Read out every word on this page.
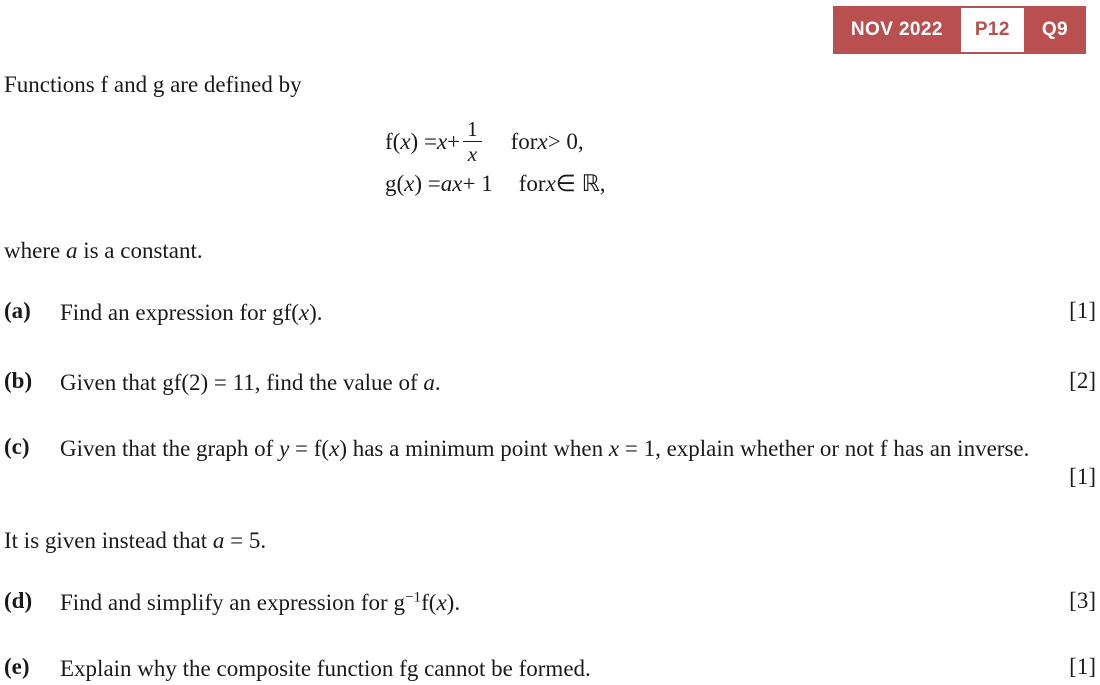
NOV 2022	P12	Q9
Functions f and g are defined by
f( x ) = $x + \frac{1}{x}$ for x > 0,
g( x ) = a x + 1 for x ∈ ℝ,
where a is a constant.
(a) Find an expression for gf(x).	[1]
(b) Given that gf(2) = 11, find the value of a.	[2]
(c) Given that the graph of y = f(x) has a minimum point when x = 1, explain whether or not f has an inverse.
[1]
It is given instead that a = 5.
(d) Find and simplify an expression for $g^{-1}f(x)$.	[3]
(e) Explain why the composite function fg cannot be formed.	[1]
